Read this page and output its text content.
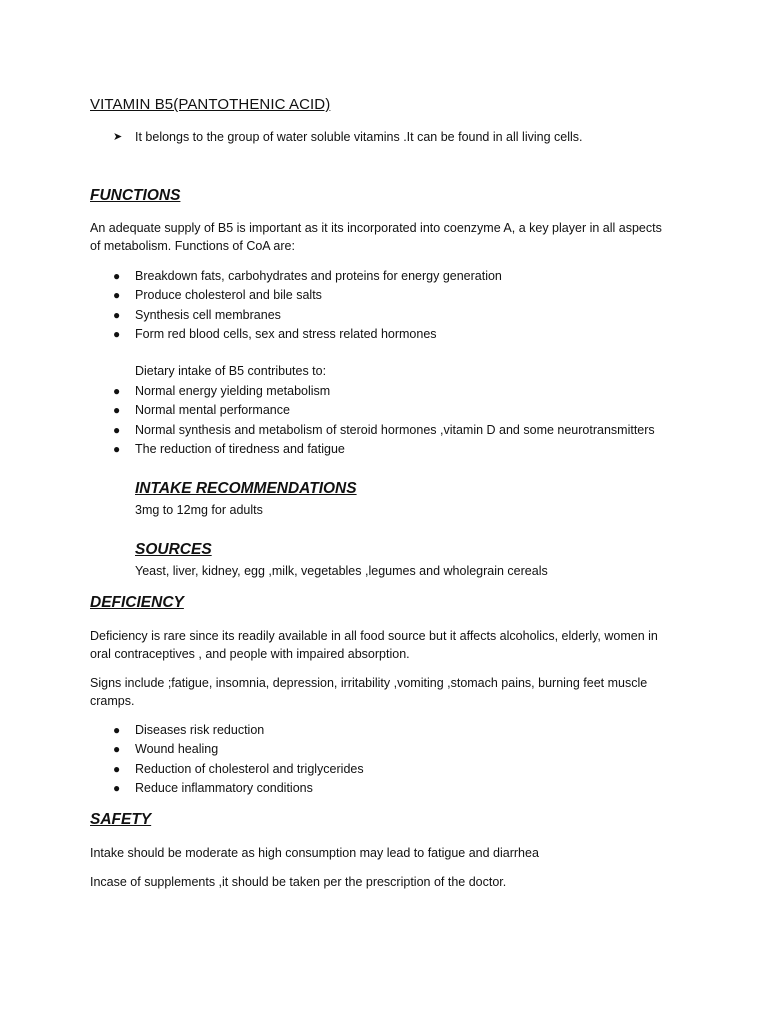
VITAMIN B5(PANTOTHENIC ACID)
➤ It belongs to the group of water soluble vitamins .It can be found in all living cells.
FUNCTIONS
An adequate supply of B5 is important as it its incorporated into coenzyme A, a key player in all aspects
of metabolism. Functions of CoA are:
● Breakdown fats, carbohydrates and proteins for energy generation
● Produce cholesterol and bile salts
● Synthesis cell membranes
● Form red blood cells, sex and stress related hormones
Dietary intake of B5 contributes to:
● Normal energy yielding metabolism
● Normal mental performance
● Normal synthesis and metabolism of steroid hormones ,vitamin D and some neurotransmitters
● The reduction of tiredness and fatigue
INTAKE RECOMMENDATIONS
3mg to 12mg for adults
SOURCES
Yeast, liver, kidney, egg ,milk, vegetables ,legumes and wholegrain cereals
DEFICIENCY
Deficiency is rare since its readily available in all food source but it affects alcoholics, elderly, women in
oral contraceptives , and people with impaired absorption.
Signs include ;fatigue, insomnia, depression, irritability ,vomiting ,stomach pains, burning feet muscle
cramps.
● Diseases risk reduction
● Wound healing
● Reduction of cholesterol and triglycerides
● Reduce inflammatory conditions
SAFETY
Intake should be moderate as high consumption may lead to fatigue and diarrhea
Incase of supplements ,it should be taken per the prescription of the doctor.
